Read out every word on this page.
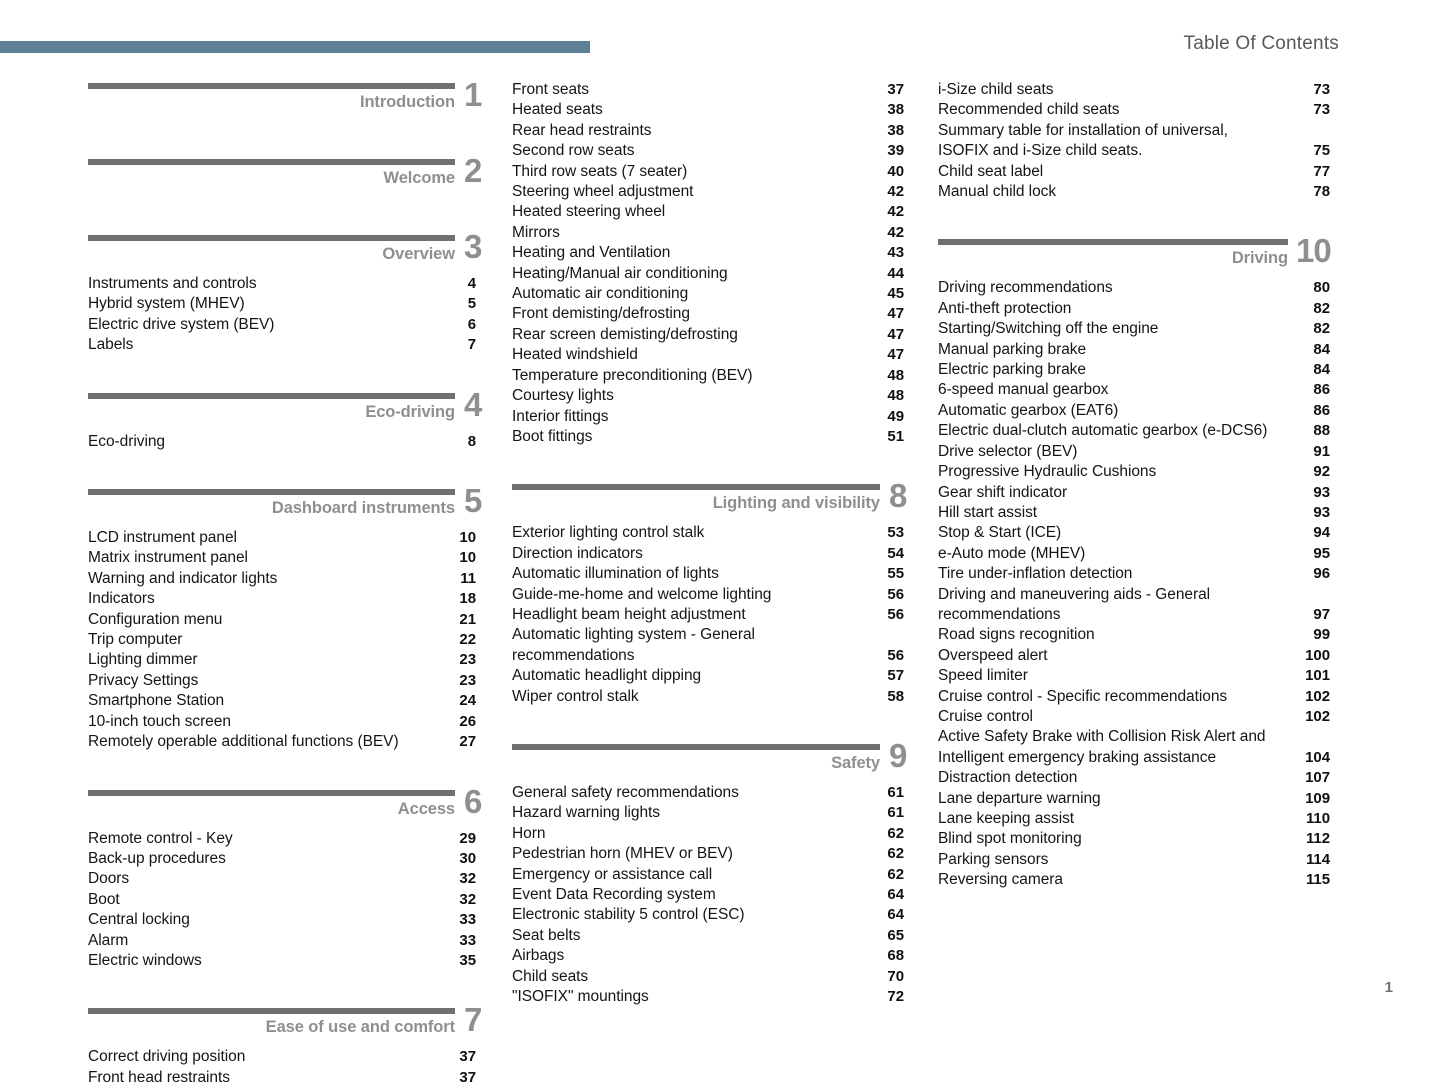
Table Of Contents
Introduction 1
Welcome 2
Overview 3
Instruments and controls	4
Hybrid system (MHEV)	5
Electric drive system (BEV)	6
Labels	7
Eco-driving 4
Eco-driving	8
Dashboard instruments 5
LCD instrument panel	10
Matrix instrument panel	10
Warning and indicator lights	11
Indicators	18
Configuration menu	21
Trip computer	22
Lighting dimmer	23
Privacy Settings	23
Smartphone Station	24
10-inch touch screen	26
Remotely operable additional functions (BEV)	27
Access 6
Remote control - Key	29
Back-up procedures	30
Doors	32
Boot	32
Central locking	33
Alarm	33
Electric windows	35
Ease of use and comfort 7
Correct driving position	37
Front head restraints	37
Front seats	37
Heated seats	38
Rear head restraints	38
Second row seats	39
Third row seats (7 seater)	40
Steering wheel adjustment	42
Heated steering wheel	42
Mirrors	42
Heating and Ventilation	43
Heating/Manual air conditioning	44
Automatic air conditioning	45
Front demisting/defrosting	47
Rear screen demisting/defrosting	47
Heated windshield	47
Temperature preconditioning (BEV)	48
Courtesy lights	48
Interior fittings	49
Boot fittings	51
Lighting and visibility 8
Exterior lighting control stalk	53
Direction indicators	54
Automatic illumination of lights	55
Guide-me-home and welcome lighting	56
Headlight beam height adjustment	56
Automatic lighting system - General recommendations	56
Automatic headlight dipping	57
Wiper control stalk	58
Safety 9
General safety recommendations	61
Hazard warning lights	61
Horn	62
Pedestrian horn (MHEV or BEV)	62
Emergency or assistance call	62
Event Data Recording system	64
Electronic stability 5 control (ESC)	64
Seat belts	65
Airbags	68
Child seats	70
"ISOFIX" mountings	72
i-Size child seats	73
Recommended child seats	73
Summary table for installation of universal, ISOFIX and i-Size child seats.	75
Child seat label	77
Manual child lock	78
Driving 10
Driving recommendations	80
Anti-theft protection	82
Starting/Switching off the engine	82
Manual parking brake	84
Electric parking brake	84
6-speed manual gearbox	86
Automatic gearbox (EAT6)	86
Electric dual-clutch automatic gearbox (e-DCS6)	88
Drive selector (BEV)	91
Progressive Hydraulic Cushions	92
Gear shift indicator	93
Hill start assist	93
Stop & Start (ICE)	94
e-Auto mode (MHEV)	95
Tire under-inflation detection	96
Driving and maneuvering aids - General recommendations	97
Road signs recognition	99
Overspeed alert	100
Speed limiter	101
Cruise control - Specific recommendations	102
Cruise control	102
Active Safety Brake with Collision Risk Alert and Intelligent emergency braking assistance	104
Distraction detection	107
Lane departure warning	109
Lane keeping assist	110
Blind spot monitoring	112
Parking sensors	114
Reversing camera	115
1
